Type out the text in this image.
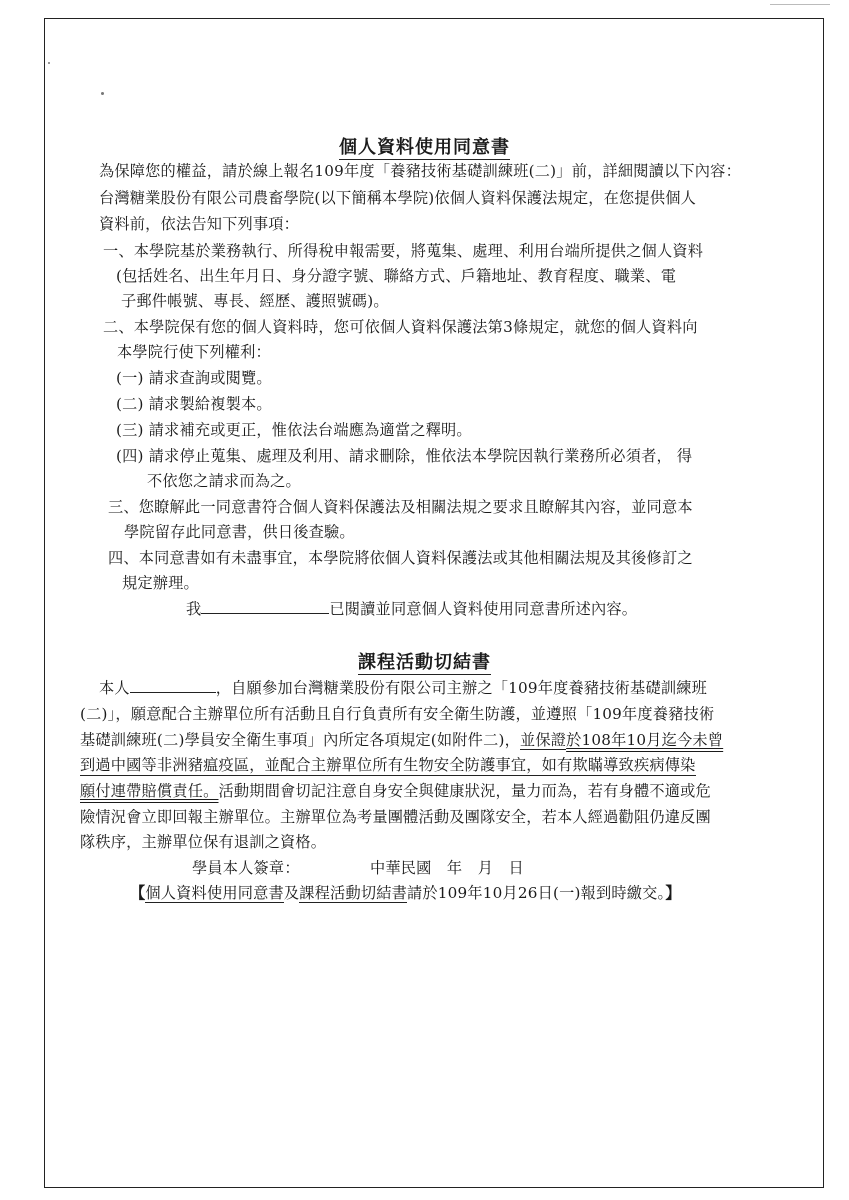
個人資料使用同意書
為保障您的權益，請於線上報名109年度「養豬技術基礎訓練班(二)」前，詳細閱讀以下內容：
台灣糖業股份有限公司農畜學院(以下簡稱本學院)依個人資料保護法規定，在您提供個人
資料前，依法告知下列事項：
一、本學院基於業務執行、所得稅申報需要，將蒐集、處理、利用台端所提供之個人資料
(包括姓名、出生年月日、身分證字號、聯絡方式、戶籍地址、教育程度、職業、電
子郵件帳號、專長、經歷、護照號碼)。
二、本學院保有您的個人資料時，您可依個人資料保護法第3條規定，就您的個人資料向
本學院行使下列權利：
(一) 請求查詢或閱覽。
(二) 請求製給複製本。
(三) 請求補充或更正，惟依法台端應為適當之釋明。
(四) 請求停止蒐集、處理及利用、請求刪除，惟依法本學院因執行業務所必須者， 得
不依您之請求而為之。
三、您瞭解此一同意書符合個人資料保護法及相關法規之要求且瞭解其內容，並同意本
學院留存此同意書，供日後查驗。
四、本同意書如有未盡事宜，本學院將依個人資料保護法或其他相關法規及其後修訂之
規定辦理。
我	已閱讀並同意個人資料使用同意書所述內容。
課程活動切結書
本人	，自願參加台灣糖業股份有限公司主辦之「109年度養豬技術基礎訓練班
(二)」，願意配合主辦單位所有活動且自行負責所有安全衛生防護，並遵照「109年度養豬技術
基礎訓練班(二)學員安全衛生事項」內所定各項規定(如附件二)，並保證於108年10月迄今未曾
到過中國等非洲豬瘟疫區，並配合主辦單位所有生物安全防護事宜，如有欺瞞導致疾病傳染
願付連帶賠償責任。活動期間會切記注意自身安全與健康狀況，量力而為，若有身體不適或危
險情況會立即回報主辦單位。主辦單位為考量團體活動及團隊安全，若本人經過勸阻仍違反團
隊秩序，主辦單位保有退訓之資格。
學員本人簽章：	中華民國　年　月　日
【個人資料使用同意書及課程活動切結書請於109年10月26日(一)報到時繳交。】
